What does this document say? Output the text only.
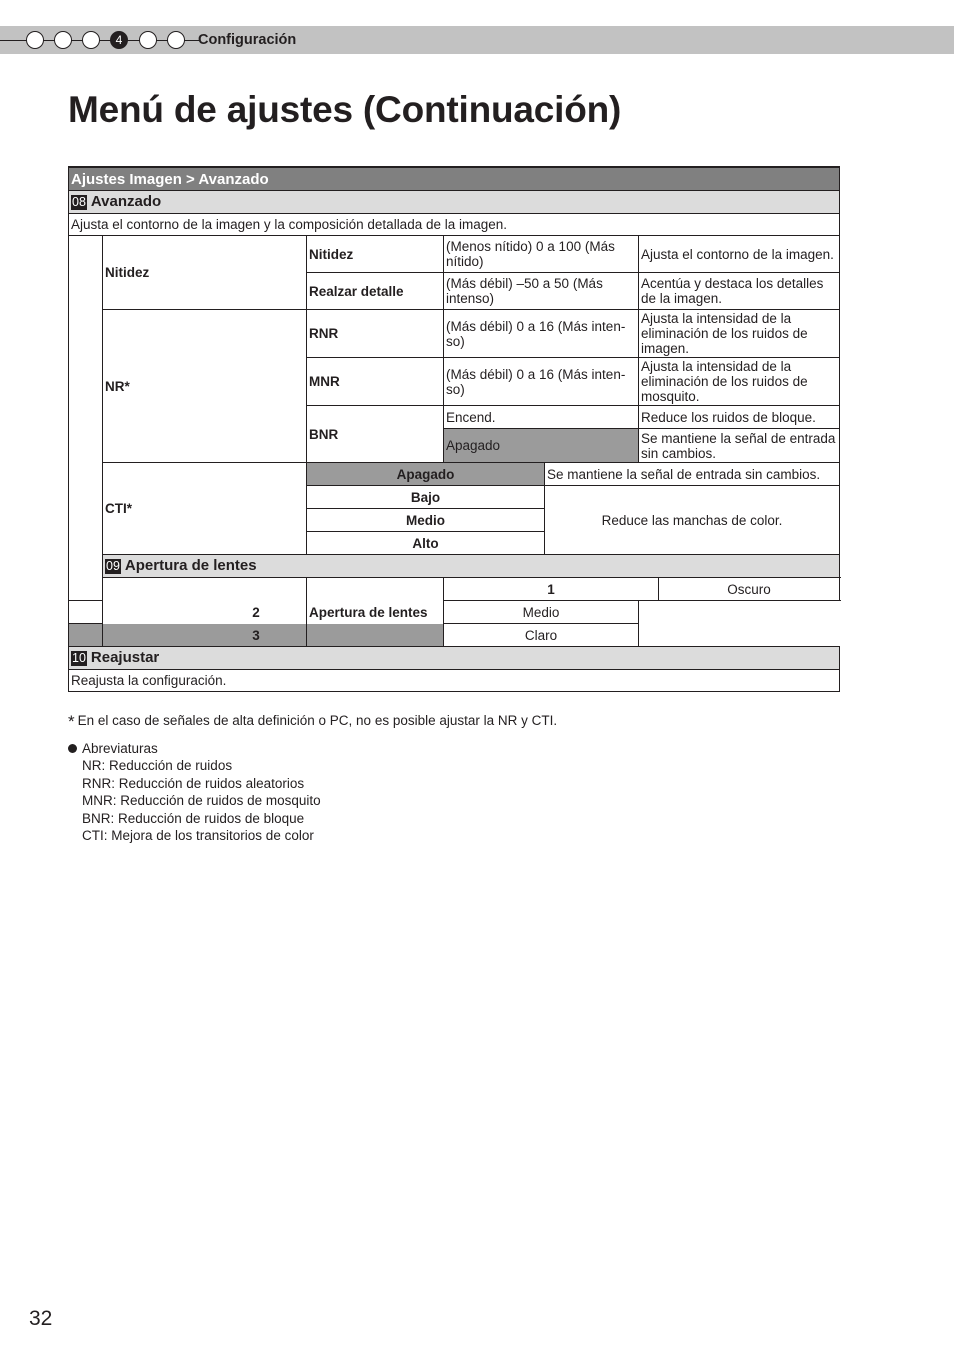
4	Configuración
Menú de ajustes (Continuación)
Ajustes Imagen > Avanzado						
08 Avanzado						
Ajusta el contorno de la imagen y la composición detallada de la imagen.						
	Nitidez	Nitidez	(Menos nítido) 0 a 100 (Más nítido)		Ajusta el contorno de la imagen.	
		Realzar detalle	(Más débil) –50 a 50 (Más intenso)		Acentúa y destaca los detalles de la imagen.	
	NR*	RNR	(Más débil) 0 a 16 (Más inten-so)		Ajusta la intensidad de la eliminación de los ruidos de imagen.	
		MNR	(Más débil) 0 a 16 (Más inten-so)		Ajusta la intensidad de la eliminación de los ruidos de mosquito.	
		BNR	Encend.		Reduce los ruidos de bloque.	
			Apagado		Se mantiene la señal de entrada sin cambios.	
	CTI*	Apagado		Se mantiene la señal de entrada sin cambios.		
		Bajo		Reduce las manchas de color.		
		Medio				
		Alto				
	09 Apertura de lentes					
		Apertura de lentes	1			Oscuro
2			Medio			
3			Claro			
10 Reajustar						
Reajusta la configuración.						
* En el caso de señales de alta definición o PC, no es posible ajustar la NR y CTI.
Abreviaturas
NR: Reducción de ruidos
RNR: Reducción de ruidos aleatorios
MNR: Reducción de ruidos de mosquito
BNR: Reducción de ruidos de bloque
CTI: Mejora de los transitorios de color
32
